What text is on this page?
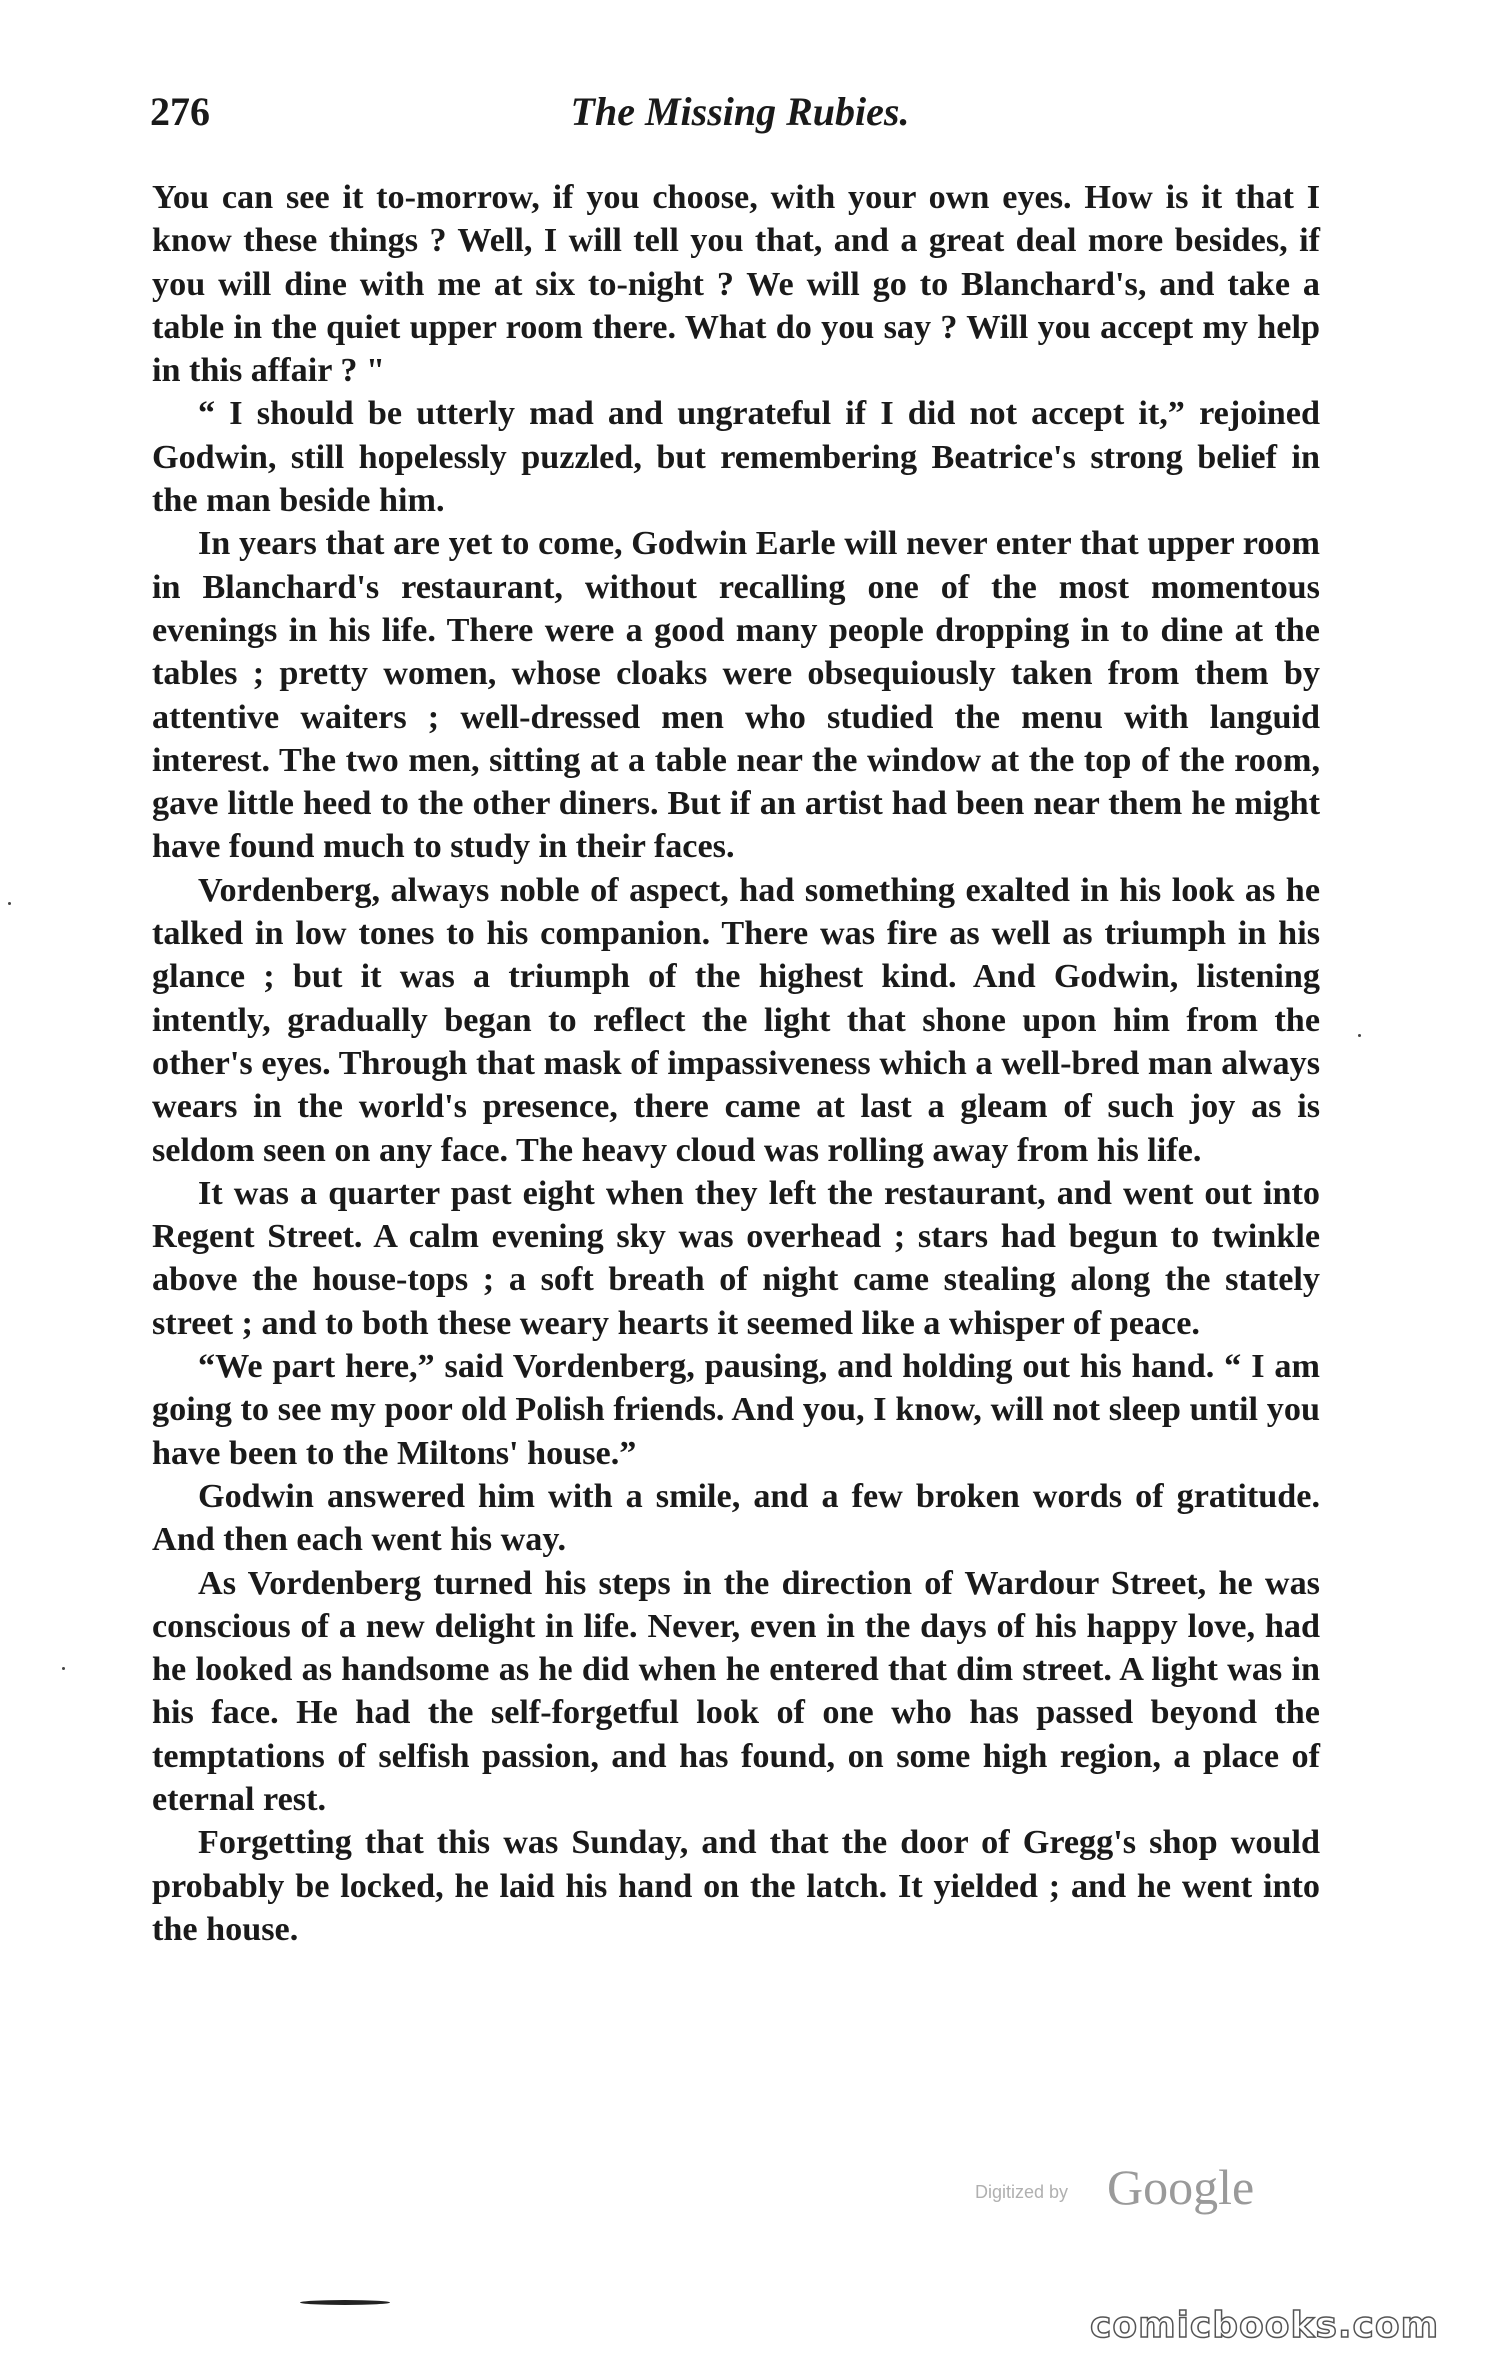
276	The Missing Rubies.

You can see it to-morrow, if you choose, with your own eyes. How is it that I know these things ? Well, I will tell you that, and a great deal more besides, if you will dine with me at six to-night ? We will go to Blanchard's, and take a table in the quiet upper room there. What do you say ? Will you accept my help in this affair ? "

“ I should be utterly mad and ungrateful if I did not accept it,” rejoined Godwin, still hopelessly puzzled, but remembering Beatrice's strong belief in the man beside him.

In years that are yet to come, Godwin Earle will never enter that upper room in Blanchard's restaurant, without recalling one of the most momentous evenings in his life. There were a good many people dropping in to dine at the tables ; pretty women, whose cloaks were obsequiously taken from them by attentive waiters ; well-dressed men who studied the menu with languid interest. The two men, sitting at a table near the window at the top of the room, gave little heed to the other diners. But if an artist had been near them he might have found much to study in their faces.

Vordenberg, always noble of aspect, had something exalted in his look as he talked in low tones to his companion. There was fire as well as triumph in his glance ; but it was a triumph of the highest kind. And Godwin, listening intently, gradually began to reflect the light that shone upon him from the other's eyes. Through that mask of impassiveness which a well-bred man always wears in the world's presence, there came at last a gleam of such joy as is seldom seen on any face. The heavy cloud was rolling away from his life.

It was a quarter past eight when they left the restaurant, and went out into Regent Street. A calm evening sky was overhead ; stars had begun to twinkle above the house-tops ; a soft breath of night came stealing along the stately street ; and to both these weary hearts it seemed like a whisper of peace.

“We part here,” said Vordenberg, pausing, and holding out his hand. “ I am going to see my poor old Polish friends. And you, I know, will not sleep until you have been to the Miltons' house.”

Godwin answered him with a smile, and a few broken words of gratitude. And then each went his way.

As Vordenberg turned his steps in the direction of Wardour Street, he was conscious of a new delight in life. Never, even in the days of his happy love, had he looked as handsome as he did when he entered that dim street. A light was in his face. He had the self-forgetful look of one who has passed beyond the temptations of selfish passion, and has found, on some high region, a place of eternal rest.

Forgetting that this was Sunday, and that the door of Gregg's shop would probably be locked, he laid his hand on the latch. It yielded ; and he went into the house.

Digitized by Google
comicbooks.com
